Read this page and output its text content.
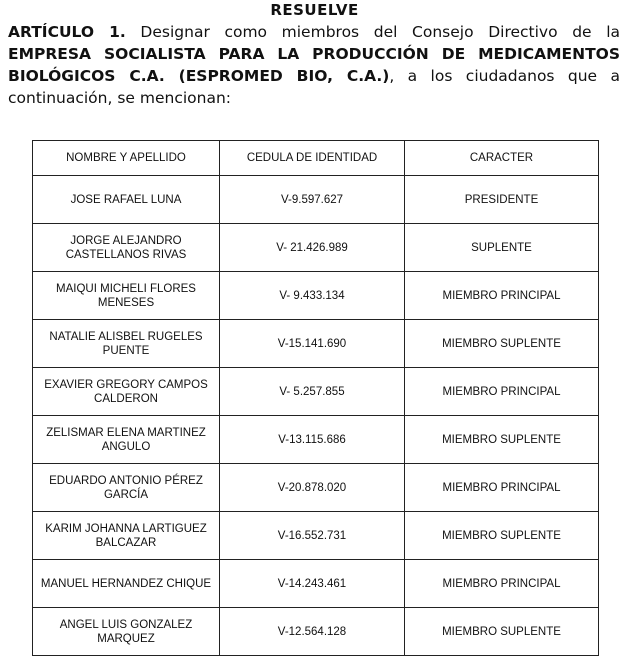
RESUELVE

ARTÍCULO 1. Designar como miembros del Consejo Directivo de la EMPRESA SOCIALISTA PARA LA PRODUCCIÓN DE MEDICAMENTOS BIOLÓGICOS C.A. (ESPROMED BIO, C.A.), a los ciudadanos que a continuación, se mencionan:

NOMBRE Y APELLIDO	CEDULA DE IDENTIDAD	CARACTER
JOSE RAFAEL LUNA	V-9.597.627	PRESIDENTE
JORGE ALEJANDRO CASTELLANOS RIVAS	V- 21.426.989	SUPLENTE
MAIQUI MICHELI FLORES MENESES	V- 9.433.134	MIEMBRO PRINCIPAL
NATALIE ALISBEL RUGELES PUENTE	V-15.141.690	MIEMBRO SUPLENTE
EXAVIER GREGORY CAMPOS CALDERON	V- 5.257.855	MIEMBRO PRINCIPAL
ZELISMAR ELENA MARTINEZ ANGULO	V-13.115.686	MIEMBRO SUPLENTE
EDUARDO ANTONIO PÉREZ GARCÍA	V-20.878.020	MIEMBRO PRINCIPAL
KARIM JOHANNA LARTIGUEZ BALCAZAR	V-16.552.731	MIEMBRO SUPLENTE
MANUEL HERNANDEZ CHIQUE	V-14.243.461	MIEMBRO PRINCIPAL
ANGEL LUIS GONZALEZ MARQUEZ	V-12.564.128	MIEMBRO SUPLENTE
